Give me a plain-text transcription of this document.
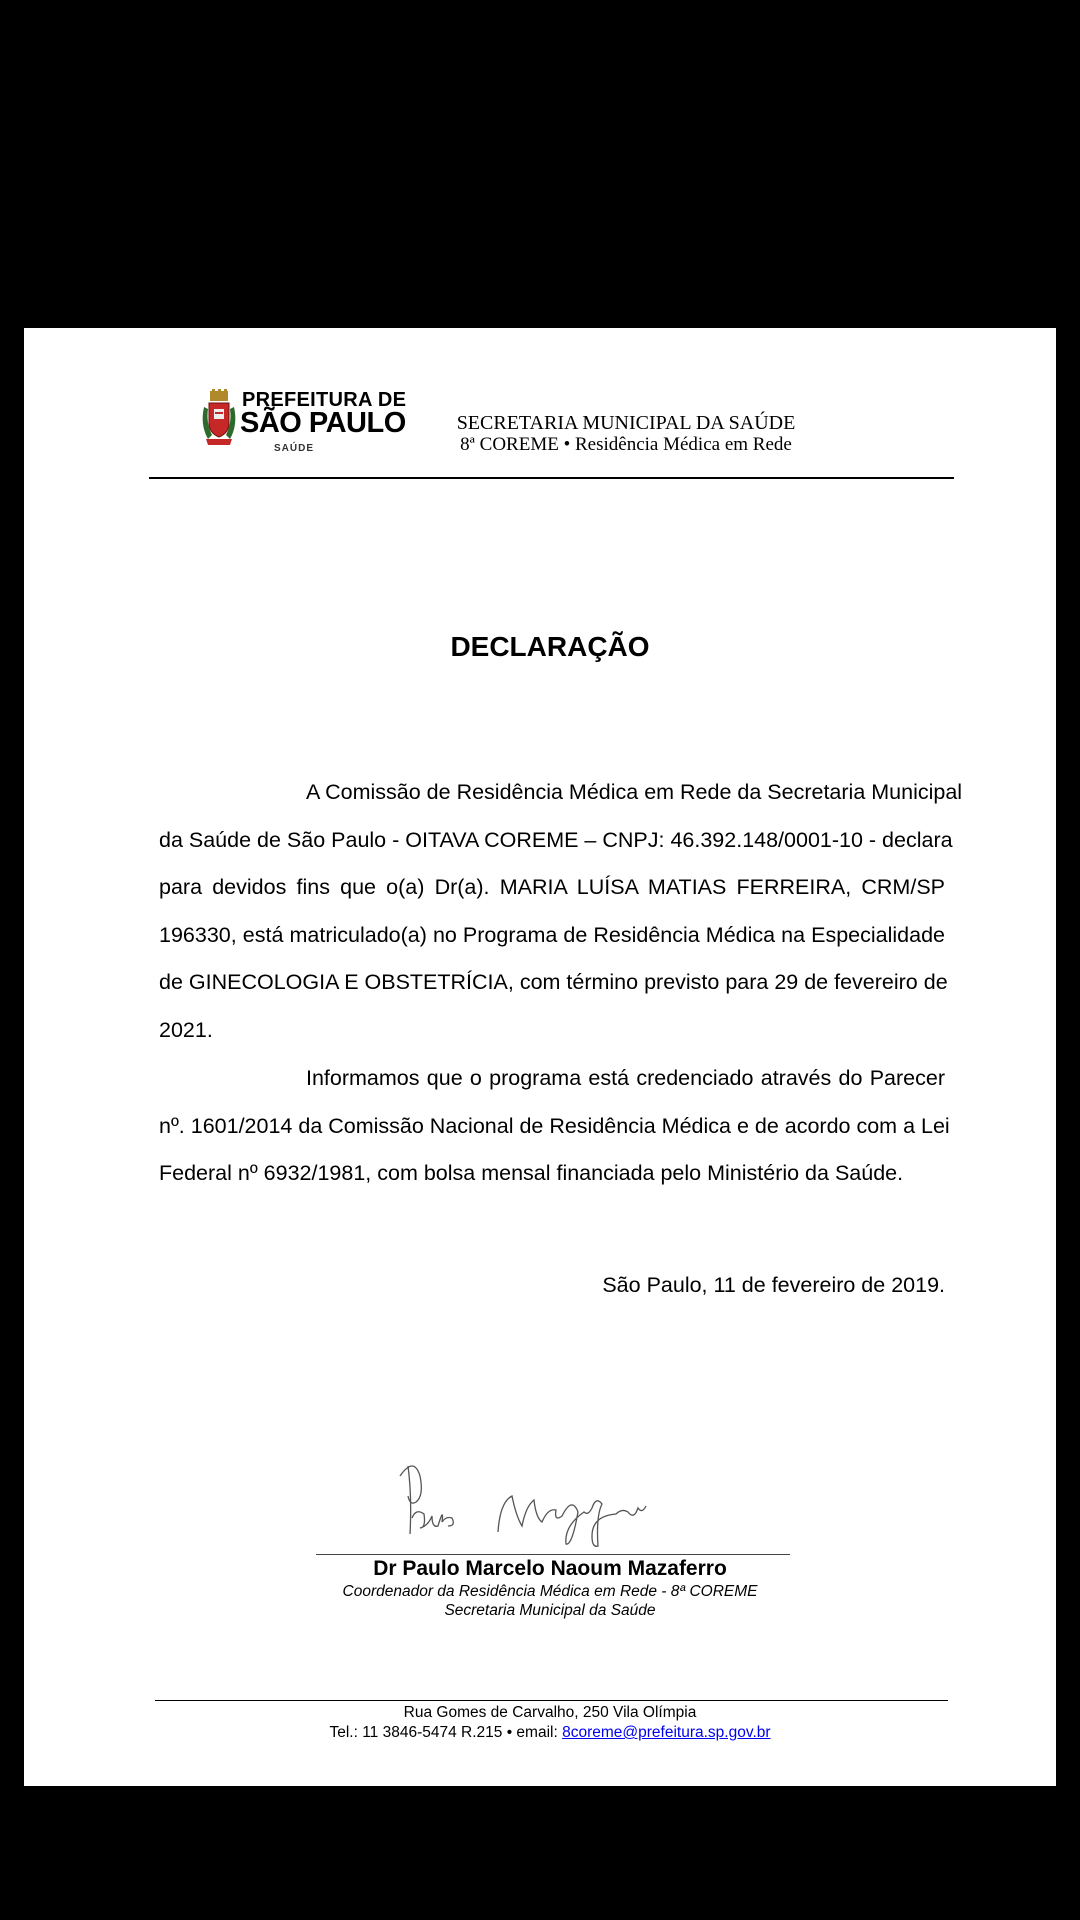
PREFEITURA DE
SÃO PAULO
SAÚDE
SECRETARIA MUNICIPAL DA SAÚDE
8ª COREME • Residência Médica em Rede
DECLARAÇÃO
A Comissão de Residência Médica em Rede da Secretaria Municipal
da Saúde de São Paulo - OITAVA COREME – CNPJ: 46.392.148/0001-10 - declara
para devidos fins que o(a) Dr(a). MARIA LUÍSA MATIAS FERREIRA, CRM/SP
196330, está matriculado(a) no Programa de Residência Médica na Especialidade
de GINECOLOGIA E OBSTETRÍCIA, com término previsto para 29 de fevereiro de
2021.
Informamos que o programa está credenciado através do Parecer
nº. 1601/2014 da Comissão Nacional de Residência Médica e de acordo com a Lei
Federal nº 6932/1981, com bolsa mensal financiada pelo Ministério da Saúde.
São Paulo, 11 de fevereiro de 2019.
Dr Paulo Marcelo Naoum Mazaferro
Coordenador da Residência Médica em Rede - 8ª COREME
Secretaria Municipal da Saúde
Rua Gomes de Carvalho, 250 Vila Olímpia
Tel.: 11 3846-5474 R.215 • email: 8coreme@prefeitura.sp.gov.br
